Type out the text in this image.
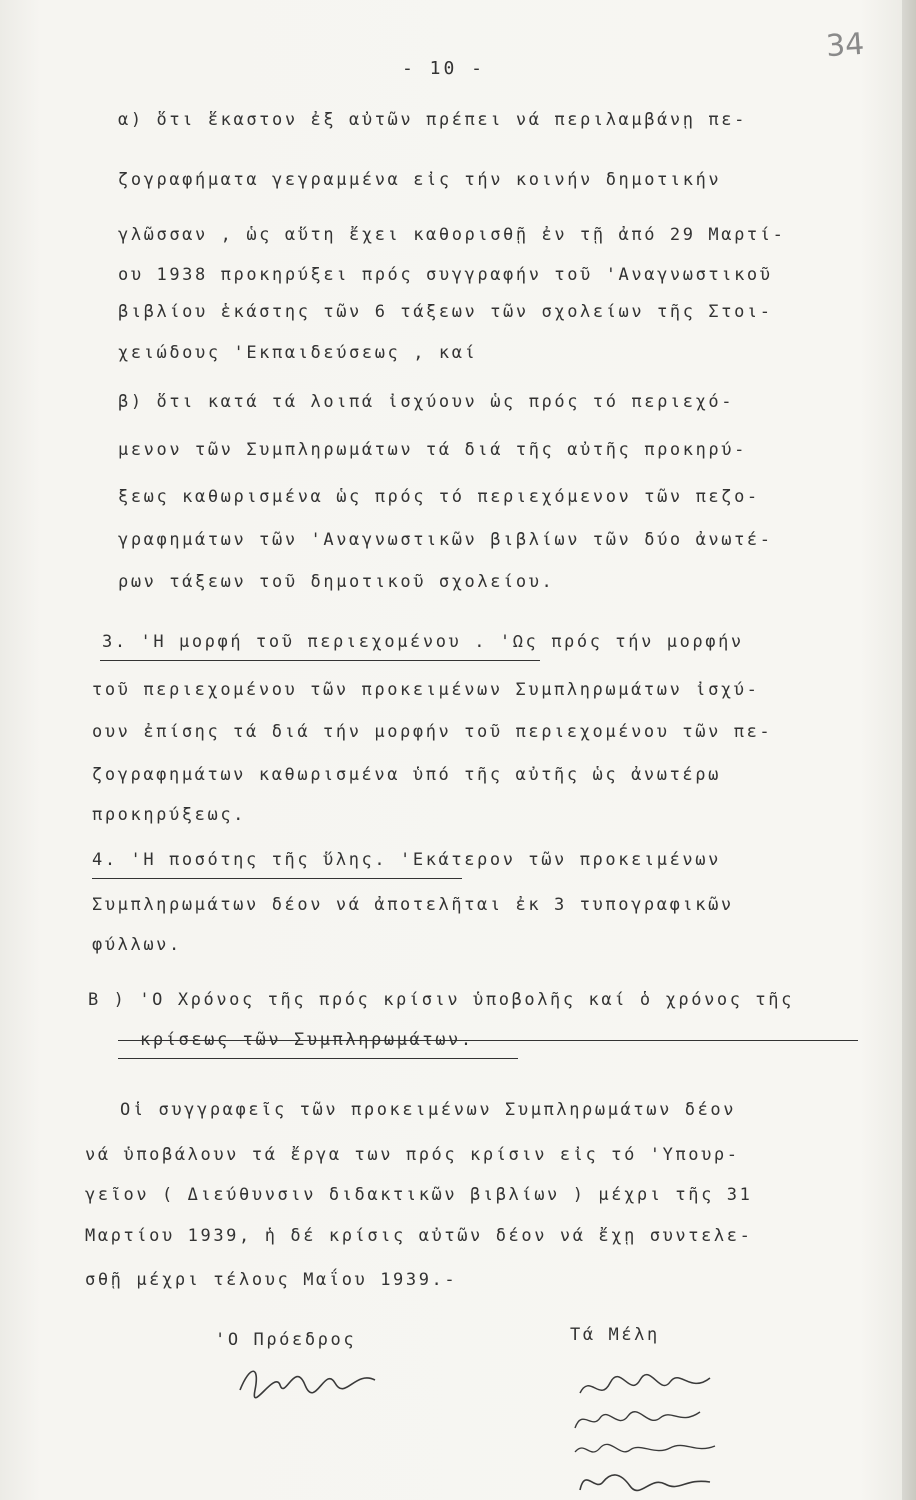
- 10 -
34
α) ὅτι ἕκαστον ἐξ αὐτῶν πρέπει νά περιλαμβάνῃ πε-
ζογραφήματα γεγραμμένα εἰς τήν κοινήν δημοτικήν
γλῶσσαν , ὡς αὕτη ἔχει καθορισθῇ ἐν τῇ ἀπό 29 Μαρτί-
ου 1938 προκηρύξει πρός συγγραφήν τοῦ 'Αναγνωστικοῦ
βιβλίου ἑκάστης τῶν 6 τάξεων τῶν σχολείων τῆς Στοι-
χειώδους 'Εκπαιδεύσεως , καί
β) ὅτι κατά τά λοιπά ἰσχύουν ὡς πρός τό περιεχό-
μενον τῶν Συμπληρωμάτων τά διά τῆς αὐτῆς προκηρύ-
ξεως καθωρισμένα ὡς πρός τό περιεχόμενον τῶν πεζο-
γραφημάτων τῶν 'Αναγνωστικῶν βιβλίων τῶν δύο ἀνωτέ-
ρων τάξεων τοῦ δημοτικοῦ σχολείου.
3. 'Η μορφή τοῦ περιεχομένου . 'Ως πρός τήν μορφήν
τοῦ περιεχομένου τῶν προκειμένων Συμπληρωμάτων ἰσχύ-
ουν ἐπίσης τά διά τήν μορφήν τοῦ περιεχομένου τῶν πε-
ζογραφημάτων καθωρισμένα ὑπό τῆς αὐτῆς ὡς ἀνωτέρω
προκηρύξεως.
4. 'Η ποσότης τῆς ὕλης. 'Εκάτερον τῶν προκειμένων
Συμπληρωμάτων δέον νά ἀποτελῆται ἐκ 3 τυπογραφικῶν
φύλλων.
Β ) 'Ο Χρόνος τῆς πρός κρίσιν ὑποβολῆς καί ὁ χρόνος τῆς
κρίσεως τῶν Συμπληρωμάτων.
Οἱ συγγραφεῖς τῶν προκειμένων Συμπληρωμάτων δέον
νά ὑποβάλουν τά ἔργα των πρός κρίσιν εἰς τό 'Υπουρ-
γεῖον ( Διεύθυνσιν διδακτικῶν βιβλίων ) μέχρι τῆς 31
Μαρτίου 1939, ἡ δέ κρίσις αὐτῶν δέον νά ἔχῃ συντελε-
σθῇ μέχρι τέλους Μαΐου 1939.-
'Ο Πρόεδρος	Τά Μέλη
